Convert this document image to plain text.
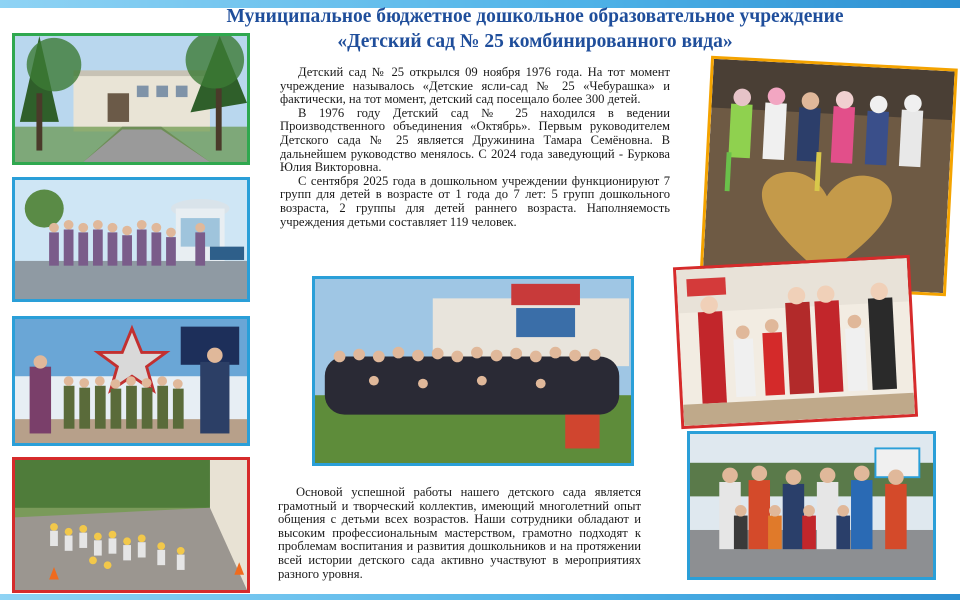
Муниципальное бюджетное дошкольное образовательное учреждение
«Детский сад № 25 комбинированного вида»

Детский сад № 25 открылся 09 ноября 1976 года. На тот момент учреждение называлось «Детские ясли-сад № 25 «Чебурашка» и фактически, на тот момент, детский сад посещало более 300 детей.

В 1976 году Детский сад № 25 находился в ведении Производственного объединения «Октябрь». Первым руководителем Детского сада № 25 является Дружинина Тамара Семёновна. В дальнейшем руководство менялось. С 2024 года заведующий - Буркова Юлия Викторовна.

С сентября 2025 года в дошкольном учреждении функционируют 7 групп для детей в возрасте от 1 года до 7 лет: 5 групп дошкольного возраста, 2 группы для детей раннего возраста. Наполняемость учреждения детьми составляет 119 человек.

Основой успешной работы нашего детского сада является грамотный и творческий коллектив, имеющий многолетний опыт общения с детьми всех возрастов. Наши сотрудники обладают и высоким профессиональным мастерством, грамотно подходят к проблемам воспитания и развития дошкольников и на протяжении всей истории детского сада активно участвуют в мероприятиях разного уровня.
